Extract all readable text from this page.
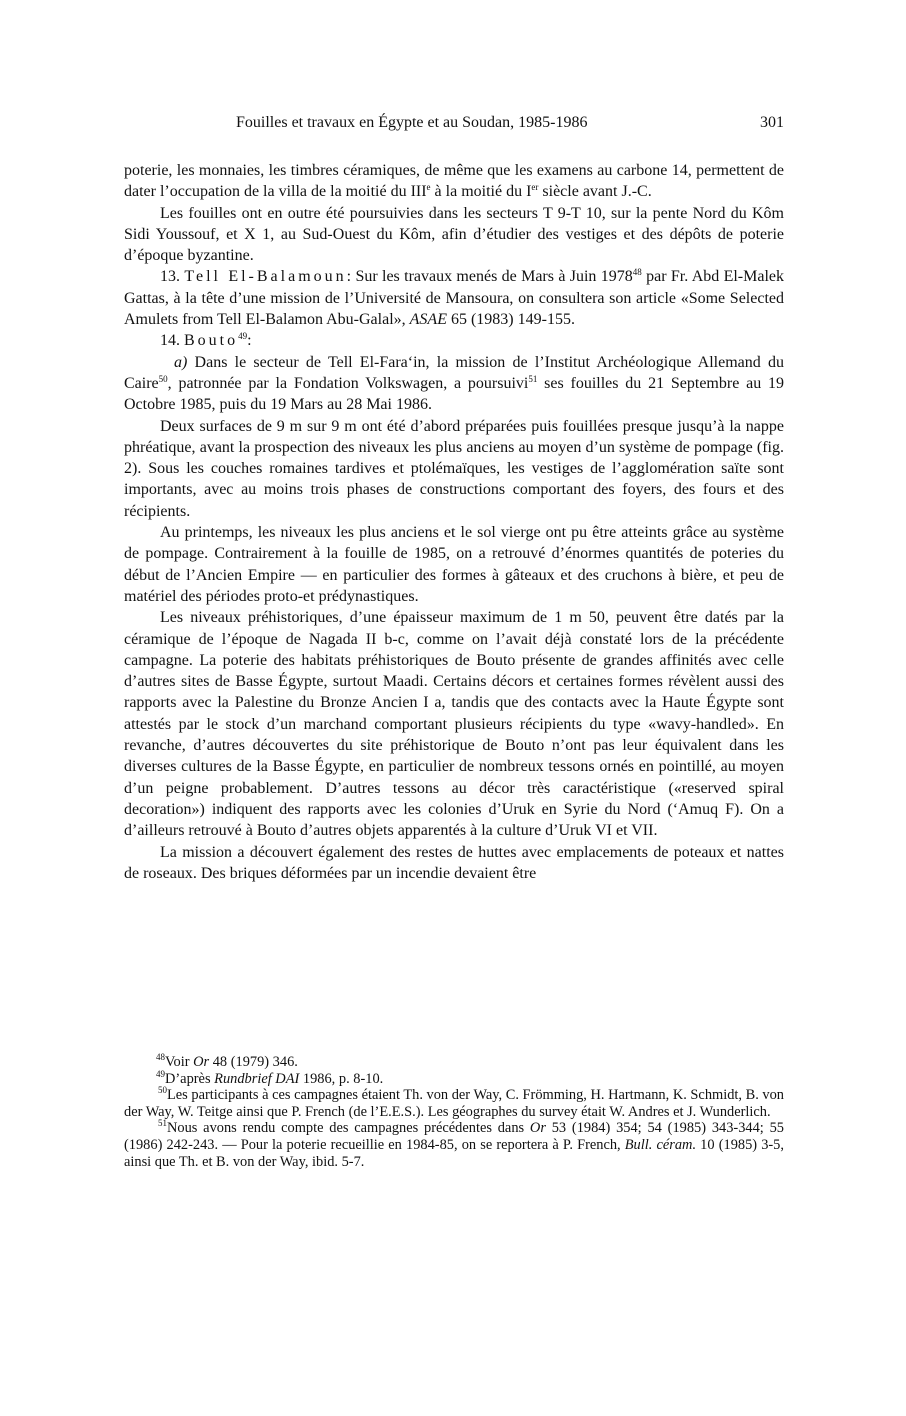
Fouilles et travaux en Égypte et au Soudan, 1985-1986	301

poterie, les monnaies, les timbres céramiques, de même que les examens au carbone 14, permettent de dater l’occupation de la villa de la moitié du IIIe à la moitié du Ier siècle avant J.-C.

Les fouilles ont en outre été poursuivies dans les secteurs T 9-T 10, sur la pente Nord du Kôm Sidi Youssouf, et X 1, au Sud-Ouest du Kôm, afin d’étudier des vestiges et des dépôts de poterie d’époque byzantine.

13. Tell El-Balamoun: Sur les travaux menés de Mars à Juin 1978$^{48}$ par Fr. Abd El-Malek Gattas, à la tête d’une mission de l’Université de Mansoura, on consultera son article «Some Selected Amulets from Tell El-Balamon Abu-Galal», ASAE 65 (1983) 149-155.

14. Bouto$^{49}$:

a) Dans le secteur de Tell El-Fara‘in, la mission de l’Institut Archéologique Allemand du Caire$^{50}$, patronnée par la Fondation Volkswagen, a poursuivi$^{51}$ ses fouilles du 21 Septembre au 19 Octobre 1985, puis du 19 Mars au 28 Mai 1986.

Deux surfaces de 9 m sur 9 m ont été d’abord préparées puis fouillées presque jusqu’à la nappe phréatique, avant la prospection des niveaux les plus anciens au moyen d’un système de pompage (fig. 2). Sous les couches romaines tardives et ptolémaïques, les vestiges de l’agglomération saïte sont importants, avec au moins trois phases de constructions comportant des foyers, des fours et des récipients.

Au printemps, les niveaux les plus anciens et le sol vierge ont pu être atteints grâce au système de pompage. Contrairement à la fouille de 1985, on a retrouvé d’énormes quantités de poteries du début de l’Ancien Empire — en particulier des formes à gâteaux et des cruchons à bière, et peu de matériel des périodes proto-et prédynastiques.

Les niveaux préhistoriques, d’une épaisseur maximum de 1 m 50, peuvent être datés par la céramique de l’époque de Nagada II b-c, comme on l’avait déjà constaté lors de la précédente campagne. La poterie des habitats préhistoriques de Bouto présente de grandes affinités avec celle d’autres sites de Basse Égypte, surtout Maadi. Certains décors et certaines formes révèlent aussi des rapports avec la Palestine du Bronze Ancien I a, tandis que des contacts avec la Haute Égypte sont attestés par le stock d’un marchand comportant plusieurs récipients du type «wavy-handled». En revanche, d’autres découvertes du site préhistorique de Bouto n’ont pas leur équivalent dans les diverses cultures de la Basse Égypte, en particulier de nombreux tessons ornés en pointillé, au moyen d’un peigne probablement. D’autres tessons au décor très caractéristique («reserved spiral decoration») indiquent des rapports avec les colonies d’Uruk en Syrie du Nord (‘Amuq F). On a d’ailleurs retrouvé à Bouto d’autres objets apparentés à la culture d’Uruk VI et VII.

La mission a découvert également des restes de huttes avec emplacements de poteaux et nattes de roseaux. Des briques déformées par un incendie devaient être

$^{48}$Voir Or 48 (1979) 346.

$^{49}$D’après Rundbrief DAI 1986, p. 8-10.

$^{50}$Les participants à ces campagnes étaient Th. von der Way, C. Frömming, H. Hartmann, K. Schmidt, B. von der Way, W. Teitge ainsi que P. French (de l’E.E.S.). Les géographes du survey était W. Andres et J. Wunderlich.

$^{51}$Nous avons rendu compte des campagnes précédentes dans Or 53 (1984) 354; 54 (1985) 343-344; 55 (1986) 242-243. — Pour la poterie recueillie en 1984-85, on se reportera à P. French, Bull. céram. 10 (1985) 3-5, ainsi que Th. et B. von der Way, ibid. 5-7.
